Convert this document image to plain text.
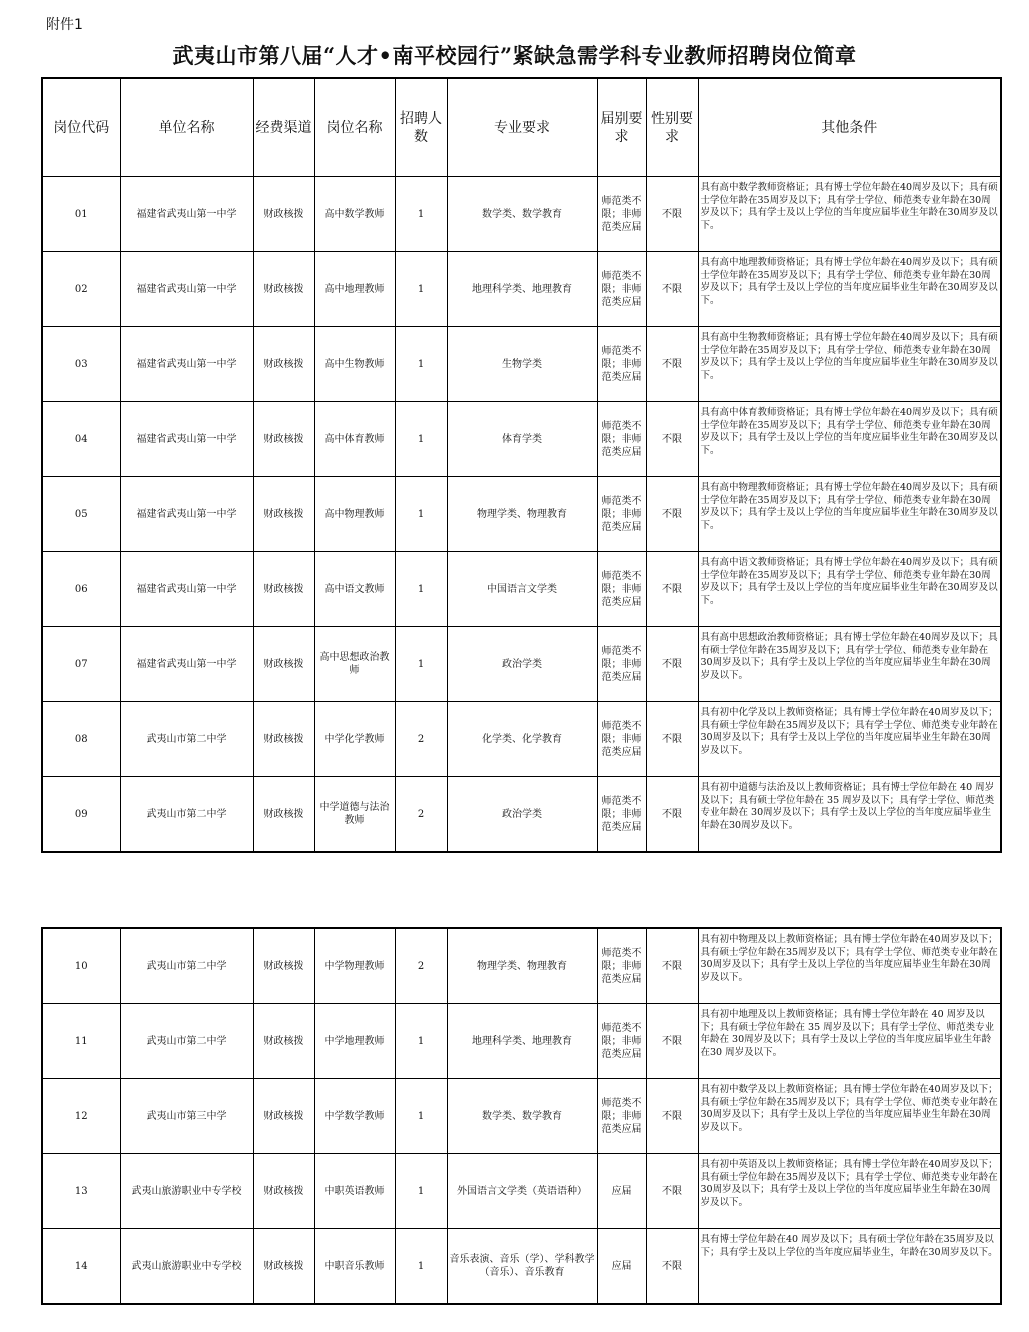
附件1
武夷山市第八届“人才•南平校园行”紧缺急需学科专业教师招聘岗位简章
岗位代码	单位名称	经费渠道	岗位名称	招聘人数	专业要求	届别要求	性别要求	其他条件
01	福建省武夷山第一中学	财政核拨	高中数学教师	1	数学类、数学教育	师范类不限；非师范类应届	不限	具有高中数学教师资格证；具有博士学位年龄在40周岁及以下；具有硕士学位年龄在35周岁及以下；具有学士学位、师范类专业年龄在30周岁及以下；具有学士及以上学位的当年度应届毕业生年龄在30周岁及以下。
02	福建省武夷山第一中学	财政核拨	高中地理教师	1	地理科学类、地理教育	师范类不限；非师范类应届	不限	具有高中地理教师资格证；具有博士学位年龄在40周岁及以下；具有硕士学位年龄在35周岁及以下；具有学士学位、师范类专业年龄在30周岁及以下；具有学士及以上学位的当年度应届毕业生年龄在30周岁及以下。
03	福建省武夷山第一中学	财政核拨	高中生物教师	1	生物学类	师范类不限；非师范类应届	不限	具有高中生物教师资格证；具有博士学位年龄在40周岁及以下；具有硕士学位年龄在35周岁及以下；具有学士学位、师范类专业年龄在30周岁及以下；具有学士及以上学位的当年度应届毕业生年龄在30周岁及以下。
04	福建省武夷山第一中学	财政核拨	高中体育教师	1	体育学类	师范类不限；非师范类应届	不限	具有高中体育教师资格证；具有博士学位年龄在40周岁及以下；具有硕士学位年龄在35周岁及以下；具有学士学位、师范类专业年龄在30周岁及以下；具有学士及以上学位的当年度应届毕业生年龄在30周岁及以下。
05	福建省武夷山第一中学	财政核拨	高中物理教师	1	物理学类、物理教育	师范类不限；非师范类应届	不限	具有高中物理教师资格证；具有博士学位年龄在40周岁及以下；具有硕士学位年龄在35周岁及以下；具有学士学位、师范类专业年龄在30周岁及以下；具有学士及以上学位的当年度应届毕业生年龄在30周岁及以下。
06	福建省武夷山第一中学	财政核拨	高中语文教师	1	中国语言文学类	师范类不限；非师范类应届	不限	具有高中语文教师资格证；具有博士学位年龄在40周岁及以下；具有硕士学位年龄在35周岁及以下；具有学士学位、师范类专业年龄在30周岁及以下；具有学士及以上学位的当年度应届毕业生年龄在30周岁及以下。
07	福建省武夷山第一中学	财政核拨	高中思想政治教师	1	政治学类	师范类不限；非师范类应届	不限	具有高中思想政治教师资格证；具有博士学位年龄在40周岁及以下；具有硕士学位年龄在35周岁及以下；具有学士学位、师范类专业年龄在30周岁及以下；具有学士及以上学位的当年度应届毕业生年龄在30周岁及以下。
08	武夷山市第二中学	财政核拨	中学化学教师	2	化学类、化学教育	师范类不限；非师范类应届	不限	具有初中化学及以上教师资格证；具有博士学位年龄在40周岁及以下；具有硕士学位年龄在35周岁及以下；具有学士学位、师范类专业年龄在30周岁及以下；具有学士及以上学位的当年度应届毕业生年龄在30周岁及以下。
09	武夷山市第二中学	财政核拨	中学道德与法治教师	2	政治学类	师范类不限；非师范类应届	不限	具有初中道德与法治及以上教师资格证；具有博士学位年龄在 40 周岁及以下；具有硕士学位年龄在 35 周岁及以下；具有学士学位、师范类专业年龄在 30周岁及以下；具有学士及以上学位的当年度应届毕业生年龄在30周岁及以下。
10	武夷山市第二中学	财政核拨	中学物理教师	2	物理学类、物理教育	师范类不限；非师范类应届	不限	具有初中物理及以上教师资格证；具有博士学位年龄在40周岁及以下；具有硕士学位年龄在35周岁及以下；具有学士学位、师范类专业年龄在30周岁及以下；具有学士及以上学位的当年度应届毕业生年龄在30周岁及以下。
11	武夷山市第二中学	财政核拨	中学地理教师	1	地理科学类、地理教育	师范类不限；非师范类应届	不限	具有初中地理及以上教师资格证；具有博士学位年龄在 40 周岁及以下；具有硕士学位年龄在 35 周岁及以下；具有学士学位、师范类专业年龄在 30周岁及以下；具有学士及以上学位的当年度应届毕业生年龄在30 周岁及以下。
12	武夷山市第三中学	财政核拨	中学数学教师	1	数学类、数学教育	师范类不限；非师范类应届	不限	具有初中数学及以上教师资格证；具有博士学位年龄在40周岁及以下；具有硕士学位年龄在35周岁及以下；具有学士学位、师范类专业年龄在30周岁及以下；具有学士及以上学位的当年度应届毕业生年龄在30周岁及以下。
13	武夷山旅游职业中专学校	财政核拨	中职英语教师	1	外国语言文学类（英语语种）	应届	不限	具有初中英语及以上教师资格证；具有博士学位年龄在40周岁及以下；具有硕士学位年龄在35周岁及以下；具有学士学位、师范类专业年龄在30周岁及以下；具有学士及以上学位的当年度应届毕业生年龄在30周岁及以下。
14	武夷山旅游职业中专学校	财政核拨	中职音乐教师	1	音乐表演、音乐（学）、学科教学（音乐）、音乐教育	应届	不限	具有博士学位年龄在40 周岁及以下；具有硕士学位年龄在35周岁及以下；具有学士及以上学位的当年度应届毕业生，年龄在30周岁及以下。
